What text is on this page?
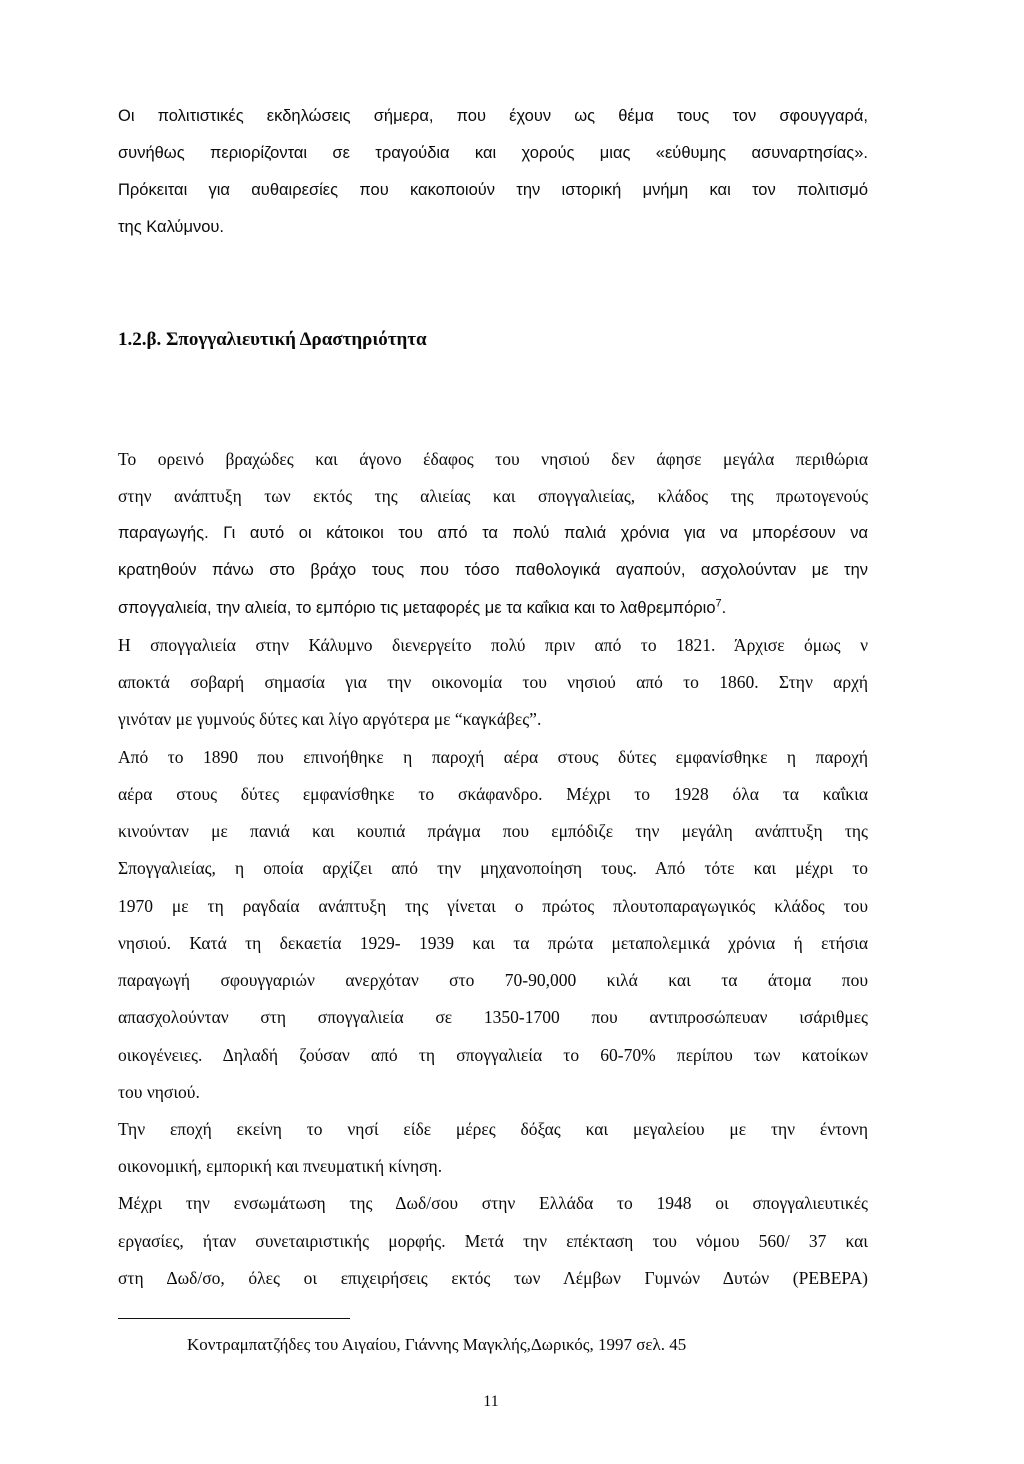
Οι πολιτιστικές εκδηλώσεις σήμερα, που έχουν ως θέμα τους τον σφουγγαρά,
συνήθως περιορίζονται σε τραγούδια και χορούς μιας «εύθυμης ασυναρτησίας».
Πρόκειται για αυθαιρεσίες που κακοποιούν την ιστορική μνήμη και τον πολιτισμό
της Καλύμνου.
1.2.β. Σπογγαλιευτική Δραστηριότητα
Το ορεινό βραχώδες και άγονο έδαφος του νησιού δεν άφησε μεγάλα περιθώρια
στην ανάπτυξη των εκτός της αλιείας και σπογγαλιείας, κλάδος της πρωτογενούς
παραγωγής. Γι αυτό οι κάτοικοι του από τα πολύ παλιά χρόνια για να μπορέσουν να
κρατηθούν πάνω στο βράχο τους που τόσο παθολογικά αγαπούν, ασχολούνταν με την
σπογγαλιεία, την αλιεία, το εμπόριο τις μεταφορές με τα καΐκια και το λαθρεμπόριο$^7$.
Η σπογγαλιεία στην Κάλυμνο διενεργείτο πολύ πριν από το 1821. Άρχισε όμως ν
αποκτά σοβαρή σημασία για την οικονομία του νησιού από το 1860. Στην αρχή
γινόταν με γυμνούς δύτες και λίγο αργότερα με “καγκάβες”.
Από το 1890 που επινοήθηκε η παροχή αέρα στους δύτες εμφανίσθηκε η παροχή
αέρα στους δύτες εμφανίσθηκε το σκάφανδρο. Μέχρι το 1928 όλα τα καΐκια
κινούνταν με πανιά και κουπιά πράγμα που εμπόδιζε την μεγάλη ανάπτυξη της
Σπογγαλιείας, η οποία αρχίζει από την μηχανοποίηση τους. Από τότε και μέχρι το
1970 με τη ραγδαία ανάπτυξη της γίνεται ο πρώτος πλουτοπαραγωγικός κλάδος του
νησιού. Κατά τη δεκαετία 1929- 1939 και τα πρώτα μεταπολεμικά χρόνια ή ετήσια
παραγωγή σφουγγαριών ανερχόταν στο 70-90,000 κιλά και τα άτομα που
απασχολούνταν στη σπογγαλιεία σε 1350-1700 που αντιπροσώπευαν ισάριθμες
οικογένειες. Δηλαδή ζούσαν από τη σπογγαλιεία το 60-70% περίπου των κατοίκων
του νησιού.
Την εποχή εκείνη το νησί είδε μέρες δόξας και μεγαλείου με την έντονη
οικονομική, εμπορική και πνευματική κίνηση.
Μέχρι την ενσωμάτωση της Δωδ/σου στην Ελλάδα το 1948 οι σπογγαλιευτικές
εργασίες, ήταν συνεταιριστικής μορφής. Μετά την επέκταση του νόμου 560/ 37 και
στη Δωδ/σο, όλες οι επιχειρήσεις εκτός των Λέμβων Γυμνών Δυτών (ΡΕΒΕΡΑ)
Κοντραμπατζήδες του Αιγαίου, Γιάννης Μαγκλής,Δωρικός, 1997 σελ. 45
11
